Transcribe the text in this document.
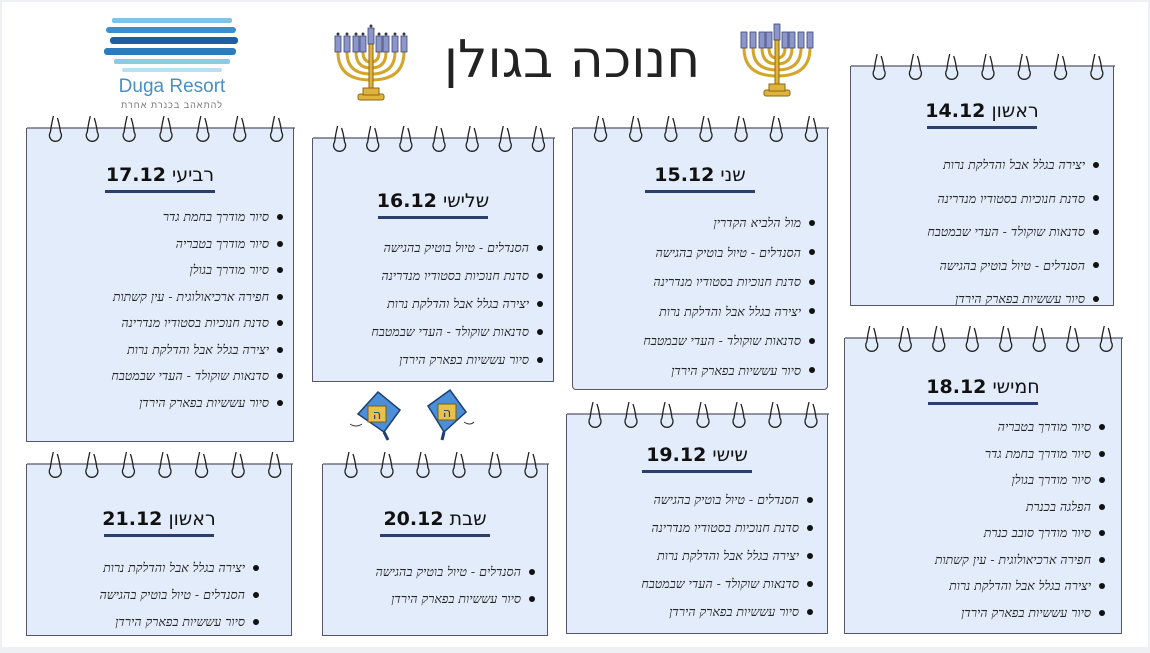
Duga Resort
להתאהב בכנרת אחרת
חנוכה בגולן
ה	ה
רביעי 17.12
סיור מודרך בחמת גדר
סיור מודרך בטבריה
סיור מודרך בגולן
חפירה ארכיאולוגית - עין קשתות
סדנת חנוכיות בסטודיו מנדרינה
יצירה בגלל אבל והדלקת נרות
סדנאות שוקולד - העדי שבמטבח
סיור עששיות בפארק הירדן
שלישי 16.12
הסנדלים - טיול בוטיק בהגישה
סדנת חנוכיות בסטודיו מנדרינה
יצירה בגלל אבל והדלקת נרות
סדנאות שוקולד - העדי שבמטבח
סיור עששיות בפארק הירדן
שני 15.12
מול הלביא הקדרין
הסנדלים - טיול בוטיק בהגישה
סדנת חנוכיות בסטודיו מנדרינה
יצירה בגלל אבל והדלקת נרות
סדנאות שוקולד - העדי שבמטבח
סיור עששיות בפארק הירדן
ראשון 14.12
יצירה בגלל אבל והדלקת נרות
סדנת חנוכיות בסטודיו מנדרינה
סדנאות שוקולד - העדי שבמטבח
הסנדלים - טיול בוטיק בהגישה
סיור עששיות בפארק הירדן
חמישי 18.12
סיור מודרך בטבריה
סיור מודרך בחמת גדר
סיור מודרך בגולן
הפלגה בכנרת
סיור מודרך סובב כנרת
חפירה ארכיאולוגית - עין קשתות
יצירה בגלל אבל והדלקת נרות
סיור עששיות בפארק הירדן
ראשון 21.12
יצירה בגלל אבל והדלקת נרות
הסנדלים - טיול בוטיק בהגישה
סיור עששיות בפארק הירדן
שבת 20.12
הסנדלים - טיול בוטיק בהגישה
סיור עששיות בפארק הירדן
שישי 19.12
הסנדלים - טיול בוטיק בהגישה
סדנת חנוכיות בסטודיו מנדרינה
יצירה בגלל אבל והדלקת נרות
סדנאות שוקולד - העדי שבמטבח
סיור עששיות בפארק הירדן
